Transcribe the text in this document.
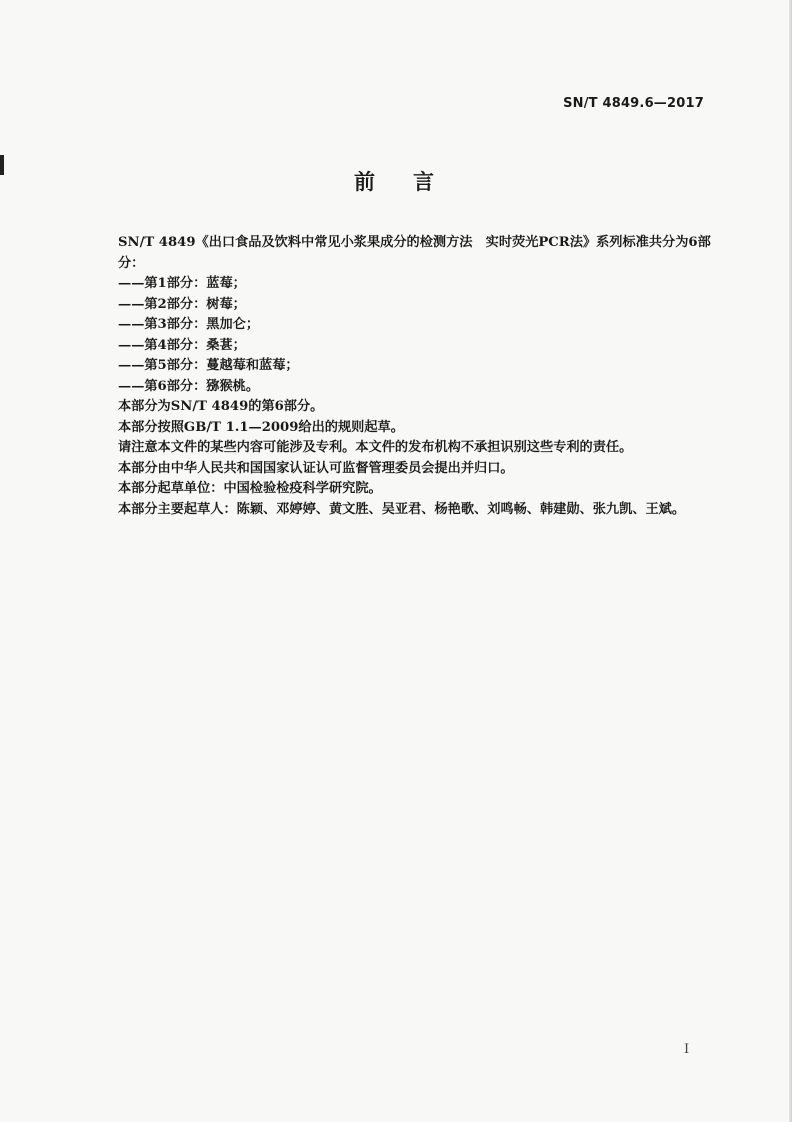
SN/T 4849.6—2017
前 言

SN/T 4849《出口食品及饮料中常见小浆果成分的检测方法　实时荧光PCR法》系列标准共分为6部分：

——第1部分：蓝莓；

——第2部分：树莓；

——第3部分：黑加仑；

——第4部分：桑葚；

——第5部分：蔓越莓和蓝莓；

——第6部分：猕猴桃。

本部分为SN/T 4849的第6部分。

本部分按照GB/T 1.1—2009给出的规则起草。

请注意本文件的某些内容可能涉及专利。本文件的发布机构不承担识别这些专利的责任。

本部分由中华人民共和国国家认证认可监督管理委员会提出并归口。

本部分起草单位：中国检验检疫科学研究院。

本部分主要起草人：陈颖、邓婷婷、黄文胜、吴亚君、杨艳歌、刘鸣畅、韩建勋、张九凯、王斌。

I
